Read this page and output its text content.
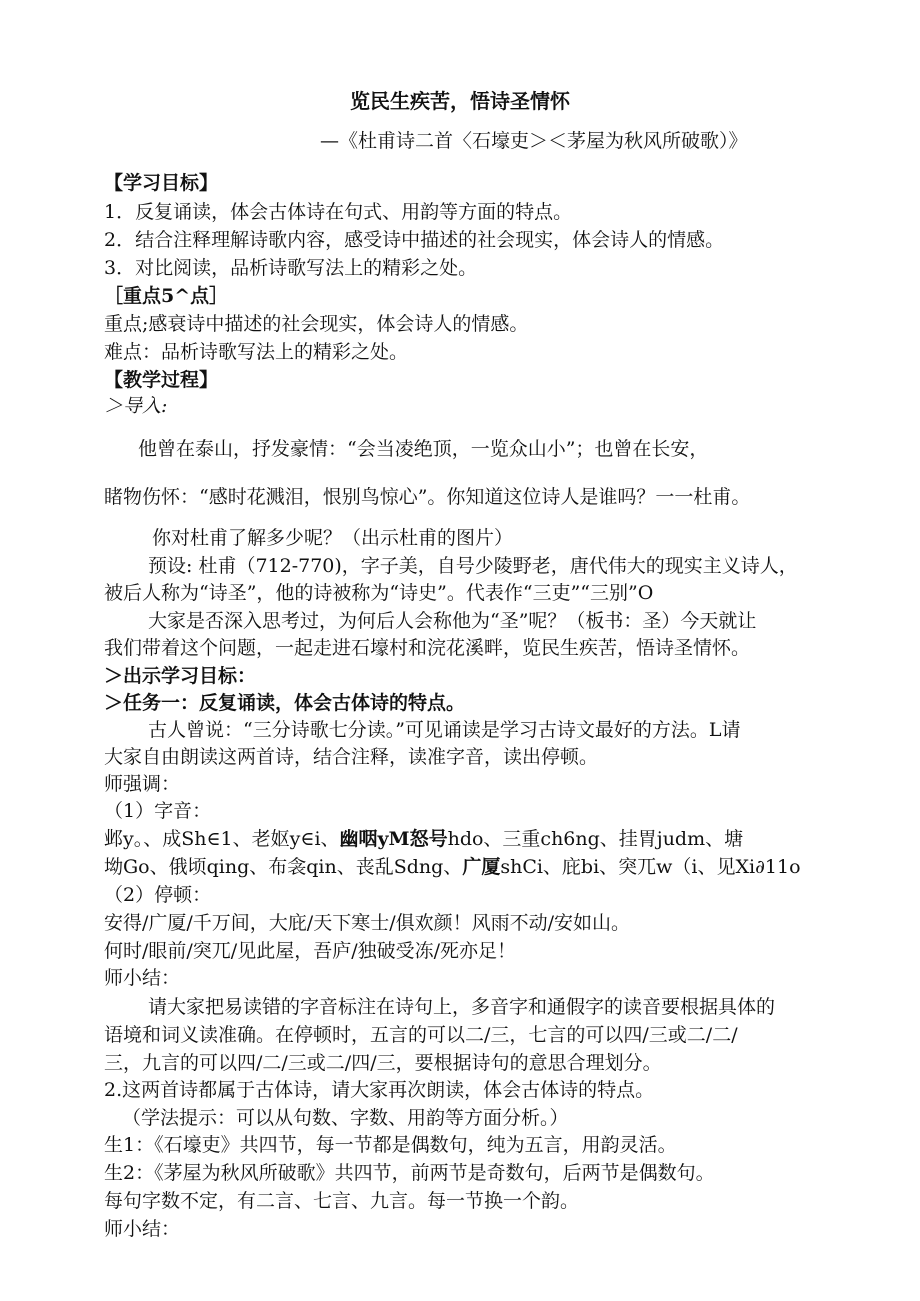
览民生疾苦，悟诗圣情怀

—《杜甫诗二首〈石壕吏＞＜茅屋为秋风所破歌）》

【学习目标】

1．反复诵读，体会古体诗在句式、用韵等方面的特点。

2．结合注释理解诗歌内容，感受诗中描述的社会现实，体会诗人的情感。

3．对比阅读，品析诗歌写法上的精彩之处。

［重点5^点］

重点;感衰诗中描述的社会现实，体会诗人的情感。

难点：品析诗歌写法上的精彩之处。

【教学过程】

＞导入:

他曾在泰山，抒发豪情：“会当凌绝顶，一览众山小”；也曾在长安，

睹物伤怀：“感时花溅泪，恨别鸟惊心”。你知道这位诗人是谁吗？一一杜甫。

你对杜甫了解多少呢？（出示杜甫的图片）

预设: 杜甫（712-770)，字子美，自号少陵野老，唐代伟大的现实主义诗人，

被后人称为“诗圣”，他的诗被称为“诗史”。代表作“三吏”“三别”O

大家是否深入思考过，为何后人会称他为“圣”呢？（板书：圣）今天就让

我们带着这个问题，一起走进石壕村和浣花溪畔，览民生疾苦，悟诗圣情怀。

＞出示学习目标：

＞任务一：反复诵读，体会古体诗的特点。

古人曾说：“三分诗歌七分读。”可见诵读是学习古诗文最好的方法。L请

大家自由朗读这两首诗，结合注释，读准字音，读出停顿。

师强调：

（1）字音：

邺y。、成Sh∈1、老妪y∈i、幽咽yM怒号hdo、三重ch6ng、挂胃judm、塘

坳Go、俄顷qing、布衾qin、丧乱Sdng、广厦shCi、庇bi、突兀w（i、见Xi∂11o

（2）停顿：

安得/广厦/千万间，大庇/天下寒士/俱欢颜！风雨不动/安如山。

何时/眼前/突兀/见此屋，吾庐/独破受冻/死亦足！

师小结：

请大家把易读错的字音标注在诗句上，多音字和通假字的读音要根据具体的

语境和词义读准确。在停顿时，五言的可以二/三，七言的可以四/三或二/二/

三，九言的可以四/二/三或二/四/三，要根据诗句的意思合理划分。

2.这两首诗都属于古体诗，请大家再次朗读，体会古体诗的特点。

（学法提示：可以从句数、字数、用韵等方面分析。）

生1：《石壕吏》共四节，每一节都是偶数句，纯为五言，用韵灵活。

生2：《茅屋为秋风所破歌》共四节，前两节是奇数句，后两节是偶数句。

每句字数不定，有二言、七言、九言。每一节换一个韵。

师小结：
